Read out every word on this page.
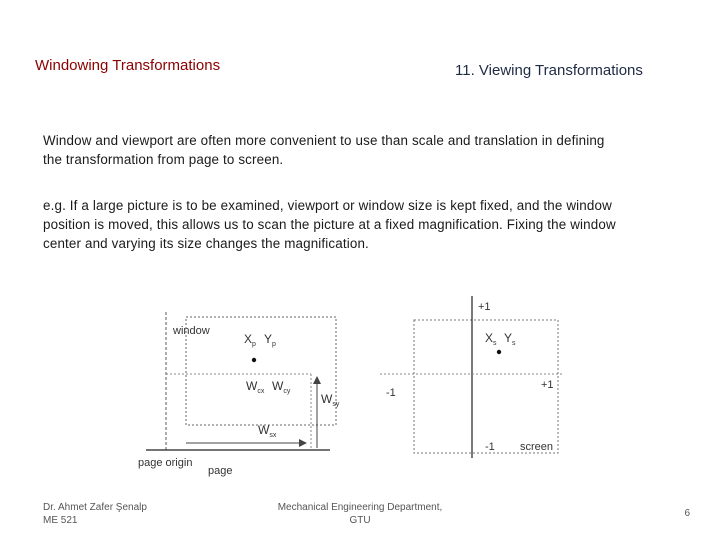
Windowing Transformations	11. Viewing Transformations
Window and viewport are often more convenient to use than scale and translation in defining
the transformation from page to screen.
e.g. If a large picture is to be examined, viewport or window size is kept fixed, and the window
position is moved, this allows us to scan the picture at a fixed magnification. Fixing the window
center and varying its size changes the magnification.
window
$X_p$ $Y_p$
$W_{cx}$ $W_{cy}$
$W_{sy}$
$W_{sx}$
page origin
page
+1
-1
+1
-1
$X_s$ $Y_s$
screen
Dr. Ahmet Zafer Şenalp
ME 521
Mechanical Engineering Department,
GTU
6
